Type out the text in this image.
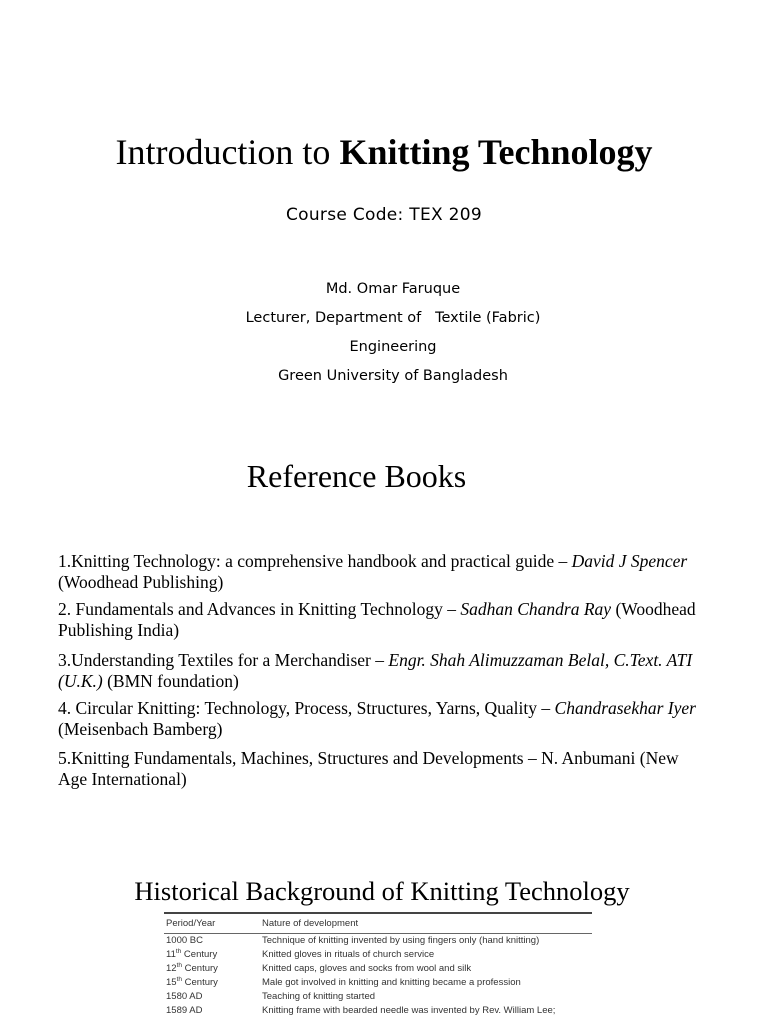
Introduction to Knitting Technology
Course Code: TEX 209
Md. Omar Faruque
Lecturer, Department of   Textile (Fabric)
Engineering
Green University of Bangladesh
Reference Books
1.Knitting Technology: a comprehensive handbook and practical guide – David J Spencer (Woodhead Publishing)
2. Fundamentals and Advances in Knitting Technology – Sadhan Chandra Ray (Woodhead Publishing India)
3.Understanding Textiles for a Merchandiser – Engr. Shah Alimuzzaman Belal, C.Text. ATI (U.K.) (BMN foundation)
4. Circular Knitting: Technology, Process, Structures, Yarns, Quality – Chandrasekhar Iyer (Meisenbach Bamberg)
5.Knitting Fundamentals, Machines, Structures and Developments – N. Anbumani (New Age International)
Historical Background of Knitting Technology
Period/Year	Nature of development
1000 BC	Technique of knitting invented by using fingers only (hand knitting)
11th Century	Knitted gloves in rituals of church service
12th Century	Knitted caps, gloves and socks from wool and silk
15th Century	Male got involved in knitting and knitting became a profession
1580 AD	Teaching of knitting started
1589 AD	Knitting frame with bearded needle was invented by Rev. William Lee;
